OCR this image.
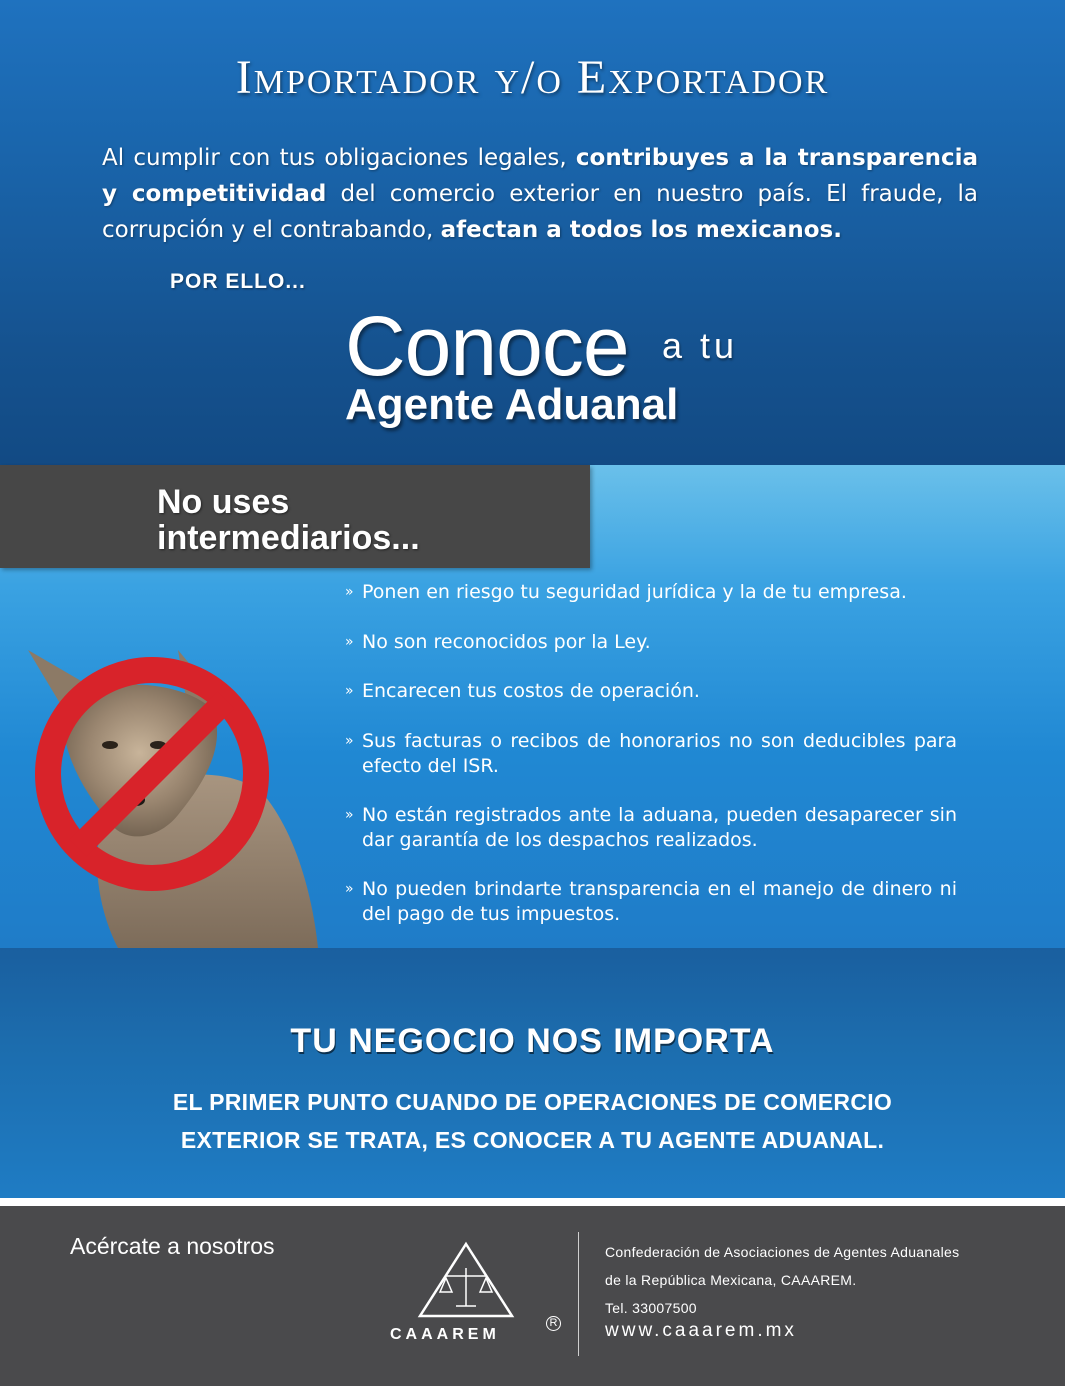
Importador y/o Exportador
Al cumplir con tus obligaciones legales, contribuyes a la transparencia y competitividad del comercio exterior en nuestro país. El fraude, la corrupción y el contrabando, afectan a todos los mexicanos.
POR ELLO...
Conoce a tu
Agente Aduanal
No uses
intermediarios...
» Ponen en riesgo tu seguridad jurídica y la de tu empresa.
» No son reconocidos por la Ley.
» Encarecen tus costos de operación.
» Sus facturas o recibos de honorarios no son deducibles para efecto del ISR.
» No están registrados ante la aduana, pueden desaparecer sin dar garantía de los despachos realizados.
» No pueden brindarte transparencia en el manejo de dinero ni del pago de tus impuestos.
TU NEGOCIO NOS IMPORTA
EL PRIMER PUNTO CUANDO DE OPERACIONES DE COMERCIO
EXTERIOR SE TRATA, ES CONOCER A TU AGENTE ADUANAL.
Acércate a nosotros
CAAAREM
R
Confederación de Asociaciones de Agentes Aduanales
de la República Mexicana, CAAAREM.
Tel. 33007500
www.caaarem.mx
